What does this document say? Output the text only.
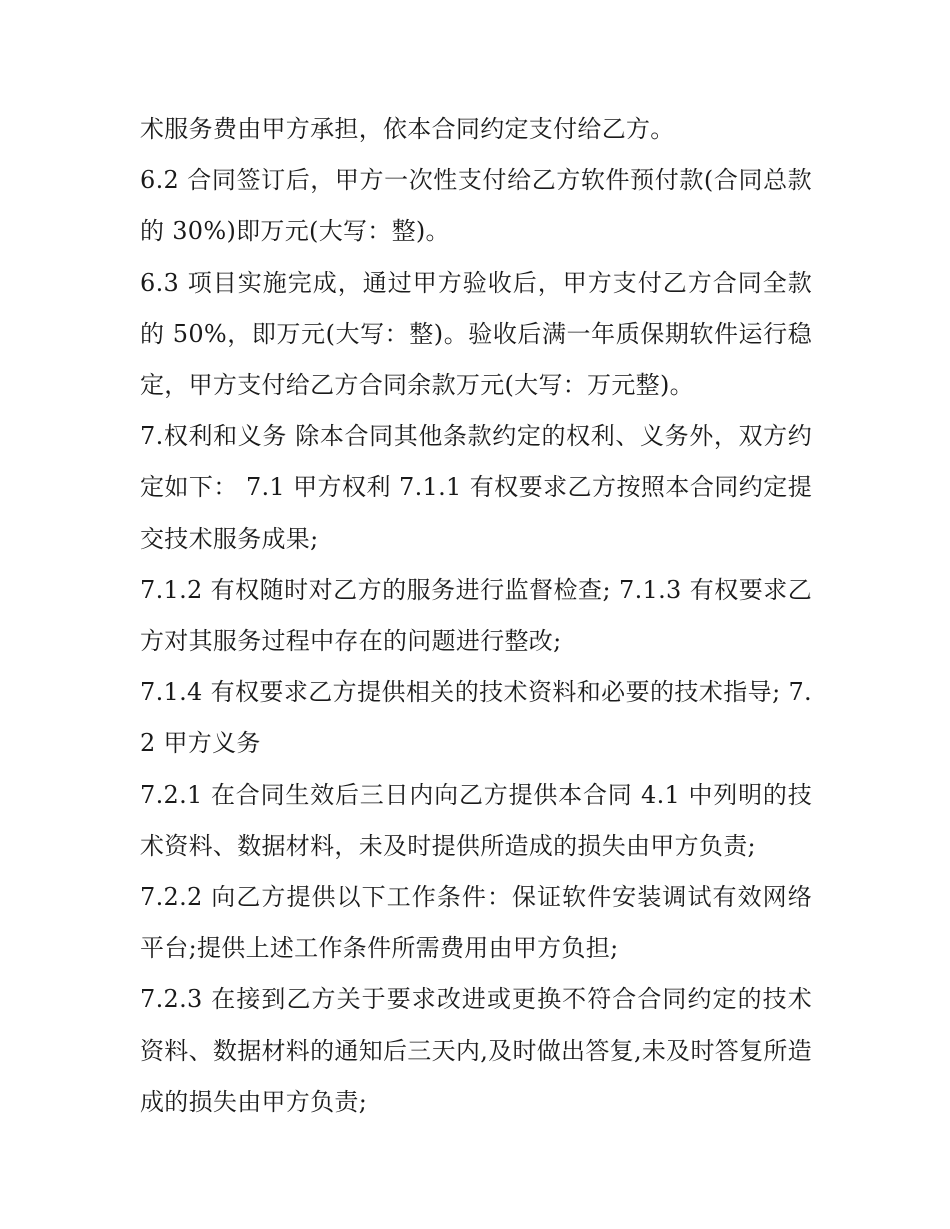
术服务费由甲方承担，依本合同约定支付给乙方。

6.2 合同签订后，甲方一次性支付给乙方软件预付款(合同总款的 30%)即万元(大写：整)。

6.3 项目实施完成，通过甲方验收后，甲方支付乙方合同全款的 50%，即万元(大写：整)。验收后满一年质保期软件运行稳定，甲方支付给乙方合同余款万元(大写：万元整)。

7.权利和义务 除本合同其他条款约定的权利、义务外，双方约定如下： 7.1 甲方权利 7.1.1 有权要求乙方按照本合同约定提交技术服务成果;

7.1.2 有权随时对乙方的服务进行监督检查; 7.1.3 有权要求乙方对其服务过程中存在的问题进行整改;

7.1.4 有权要求乙方提供相关的技术资料和必要的技术指导; 7.2 甲方义务

7.2.1 在合同生效后三日内向乙方提供本合同 4.1 中列明的技术资料、数据材料，未及时提供所造成的损失由甲方负责;

7.2.2 向乙方提供以下工作条件：保证软件安装调试有效网络平台;提供上述工作条件所需费用由甲方负担;

7.2.3 在接到乙方关于要求改进或更换不符合合同约定的技术资料、数据材料的通知后三天内,及时做出答复,未及时答复所造成的损失由甲方负责;
